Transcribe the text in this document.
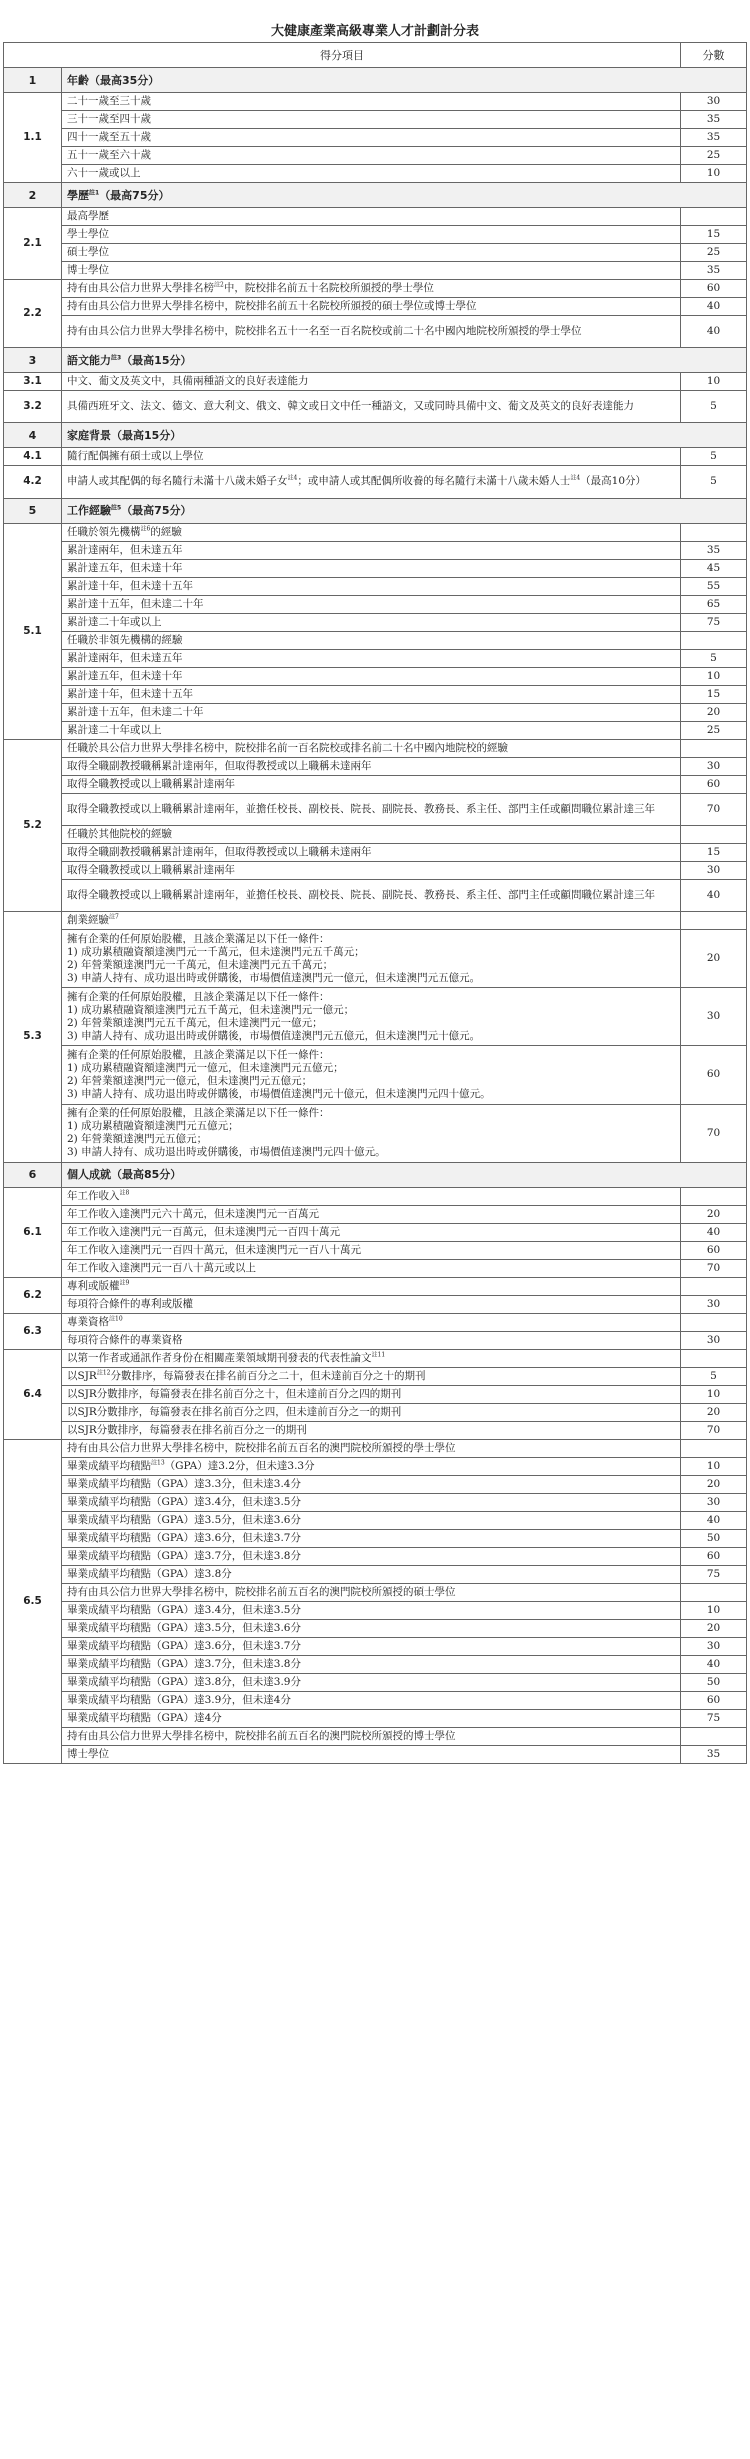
大健康產業高級專業人才計劃計分表
得分項目		分數
1	年齡（最高35分）	
1.1	二十一歲至三十歲	30
	三十一歲至四十歲	35
	四十一歲至五十歲	35
	五十一歲至六十歲	25
	六十一歲或以上	10
2	學歷$^{註1}$（最高75分）	
2.1	最高學歷	
	學士學位	15
	碩士學位	25
	博士學位	35
2.2	持有由具公信力世界大學排名榜$^{註2}$中，院校排名前五十名院校所頒授的學士學位	60
	持有由具公信力世界大學排名榜中，院校排名前五十名院校所頒授的碩士學位或博士學位	40
	持有由具公信力世界大學排名榜中，院校排名五十一名至一百名院校或前二十名中國內地院校所頒授的學士學位	40
3	語文能力$^{註3}$（最高15分）	
3.1	中文、葡文及英文中，具備兩種語文的良好表達能力	10
3.2	具備西班牙文、法文、德文、意大利文、俄文、韓文或日文中任一種語文，又或同時具備中文、葡文及英文的良好表達能力	5
4	家庭背景（最高15分）	
4.1	隨行配偶擁有碩士或以上學位	5
4.2	申請人或其配偶的每名隨行未滿十八歲未婚子女$^{註4}$；或申請人或其配偶所收養的每名隨行未滿十八歲未婚人士$^{註4}$（最高10分）	5
5	工作經驗$^{註5}$（最高75分）	
5.1	任職於領先機構$^{註6}$的經驗	
	累計達兩年，但未達五年	35
	累計達五年，但未達十年	45
	累計達十年，但未達十五年	55
	累計達十五年，但未達二十年	65
	累計達二十年或以上	75
	任職於非領先機構的經驗	
	累計達兩年，但未達五年	5
	累計達五年，但未達十年	10
	累計達十年，但未達十五年	15
	累計達十五年，但未達二十年	20
	累計達二十年或以上	25
5.2	任職於具公信力世界大學排名榜中，院校排名前一百名院校或排名前二十名中國內地院校的經驗	
	取得全職副教授職稱累計達兩年，但取得教授或以上職稱未達兩年	30
	取得全職教授或以上職稱累計達兩年	60
	取得全職教授或以上職稱累計達兩年，並擔任校長、副校長、院長、副院長、教務長、系主任、部門主任或顧問職位累計達三年	70
	任職於其他院校的經驗	
	取得全職副教授職稱累計達兩年，但取得教授或以上職稱未達兩年	15
	取得全職教授或以上職稱累計達兩年	30
	取得全職教授或以上職稱累計達兩年，並擔任校長、副校長、院長、副院長、教務長、系主任、部門主任或顧問職位累計達三年	40
5.3	創業經驗$^{註7}$	
	擁有企業的任何原始股權，且該企業滿足以下任一條件：
1) 成功累積融資額達澳門元一千萬元，但未達澳門元五千萬元；
2) 年營業額達澳門元一千萬元，但未達澳門元五千萬元；
3) 申請人持有、成功退出時或併購後，市場價值達澳門元一億元，但未達澳門元五億元。	20
	擁有企業的任何原始股權，且該企業滿足以下任一條件：
1) 成功累積融資額達澳門元五千萬元，但未達澳門元一億元；
2) 年營業額達澳門元五千萬元，但未達澳門元一億元；
3) 申請人持有、成功退出時或併購後，市場價值達澳門元五億元，但未達澳門元十億元。	30
	擁有企業的任何原始股權，且該企業滿足以下任一條件：
1) 成功累積融資額達澳門元一億元，但未達澳門元五億元；
2) 年營業額達澳門元一億元，但未達澳門元五億元；
3) 申請人持有、成功退出時或併購後，市場價值達澳門元十億元，但未達澳門元四十億元。	60
	擁有企業的任何原始股權，且該企業滿足以下任一條件：
1) 成功累積融資額達澳門元五億元；
2) 年營業額達澳門元五億元；
3) 申請人持有、成功退出時或併購後，市場價值達澳門元四十億元。	70
6	個人成就（最高85分）	
6.1	年工作收入$^{註8}$	
	年工作收入達澳門元六十萬元，但未達澳門元一百萬元	20
	年工作收入達澳門元一百萬元，但未達澳門元一百四十萬元	40
	年工作收入達澳門元一百四十萬元，但未達澳門元一百八十萬元	60
	年工作收入達澳門元一百八十萬元或以上	70
6.2	專利或版權$^{註9}$	
	每項符合條件的專利或版權	30
6.3	專業資格$^{註10}$	
	每項符合條件的專業資格	30
6.4	以第一作者或通訊作者身份在相關產業領域期刊發表的代表性論文$^{註11}$	
	以SJR$^{註12}$分數排序，每篇發表在排名前百分之二十，但未達前百分之十的期刊	5
	以SJR分數排序，每篇發表在排名前百分之十，但未達前百分之四的期刊	10
	以SJR分數排序，每篇發表在排名前百分之四，但未達前百分之一的期刊	20
	以SJR分數排序，每篇發表在排名前百分之一的期刊	70
6.5	持有由具公信力世界大學排名榜中，院校排名前五百名的澳門院校所頒授的學士學位	
	畢業成績平均積點$^{註13}$（GPA）達3.2分，但未達3.3分	10
	畢業成績平均積點（GPA）達3.3分，但未達3.4分	20
	畢業成績平均積點（GPA）達3.4分，但未達3.5分	30
	畢業成績平均積點（GPA）達3.5分，但未達3.6分	40
	畢業成績平均積點（GPA）達3.6分，但未達3.7分	50
	畢業成績平均積點（GPA）達3.7分，但未達3.8分	60
	畢業成績平均積點（GPA）達3.8分	75
	持有由具公信力世界大學排名榜中，院校排名前五百名的澳門院校所頒授的碩士學位	
	畢業成績平均積點（GPA）達3.4分，但未達3.5分	10
	畢業成績平均積點（GPA）達3.5分，但未達3.6分	20
	畢業成績平均積點（GPA）達3.6分，但未達3.7分	30
	畢業成績平均積點（GPA）達3.7分，但未達3.8分	40
	畢業成績平均積點（GPA）達3.8分，但未達3.9分	50
	畢業成績平均積點（GPA）達3.9分，但未達4分	60
	畢業成績平均積點（GPA）達4分	75
	持有由具公信力世界大學排名榜中，院校排名前五百名的澳門院校所頒授的博士學位	
	博士學位	35
